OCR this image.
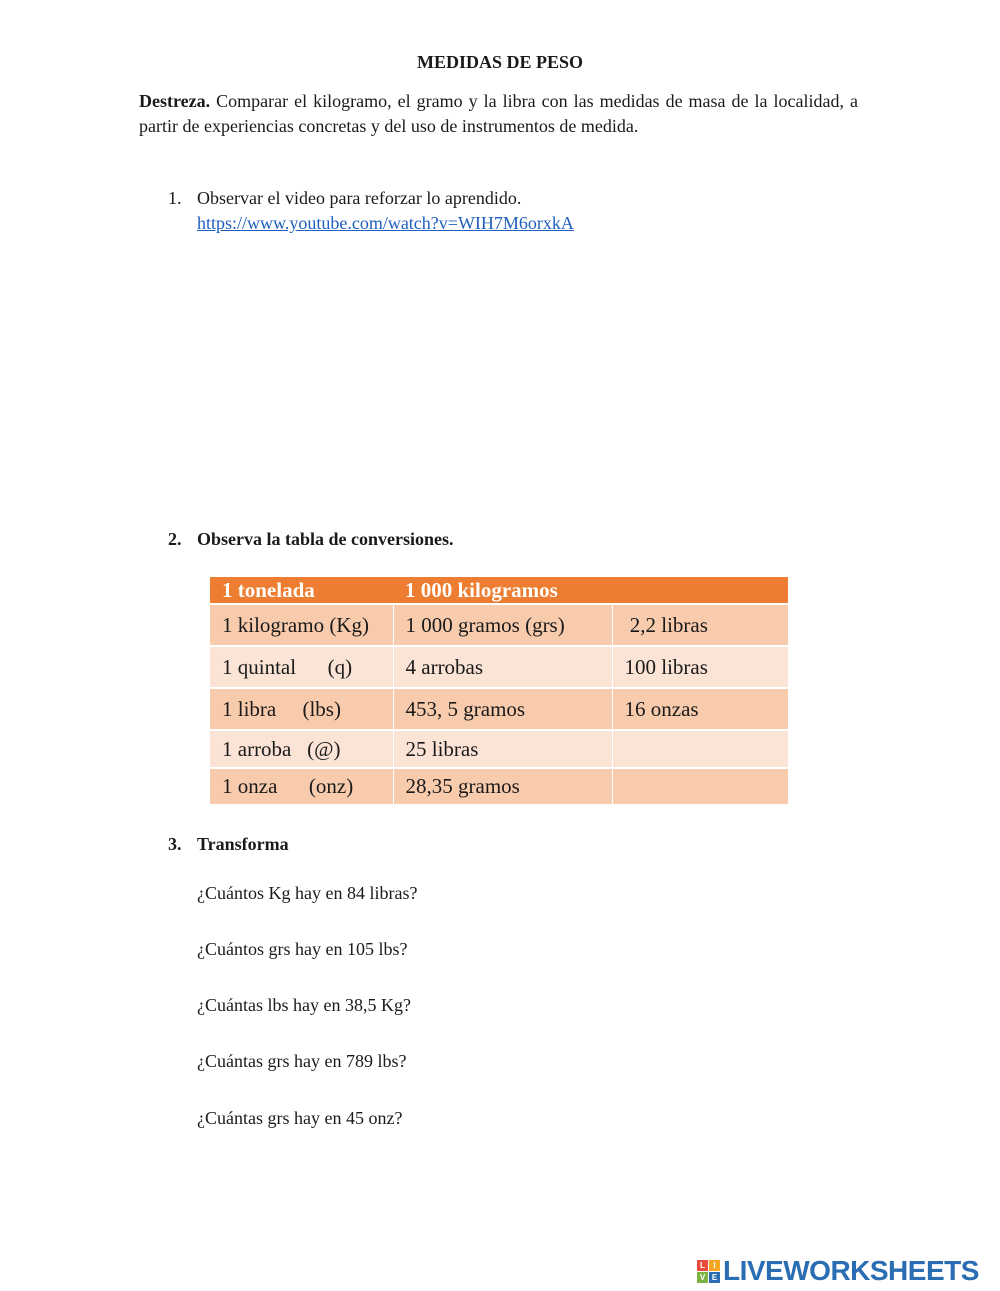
MEDIDAS DE PESO
Destreza. Comparar el kilogramo, el gramo y la libra con las medidas de masa de la localidad, a partir de experiencias concretas y del uso de instrumentos de medida.
1. Observar el video para reforzar lo aprendido.
https://www.youtube.com/watch?v=WIH7M6orxkA
2. Observa la tabla de conversiones.
1 tonelada	1 000 kilogramos	
1 kilogramo (Kg)	1 000 gramos (grs)	2,2 libras
1 quintal      (q)	4 arrobas	100 libras
1 libra     (lbs)	453, 5 gramos	16 onzas
1 arroba   (@)	25 libras	
1 onza      (onz)	28,35 gramos	
3. Transforma
¿Cuántos Kg hay en 84 libras?
¿Cuántos grs hay en 105 lbs?
¿Cuántas lbs hay en 38,5 Kg?
¿Cuántas grs hay en 789 lbs?
¿Cuántas grs hay en 45 onz?
L	I
V E LIVEWORKSHEETS
